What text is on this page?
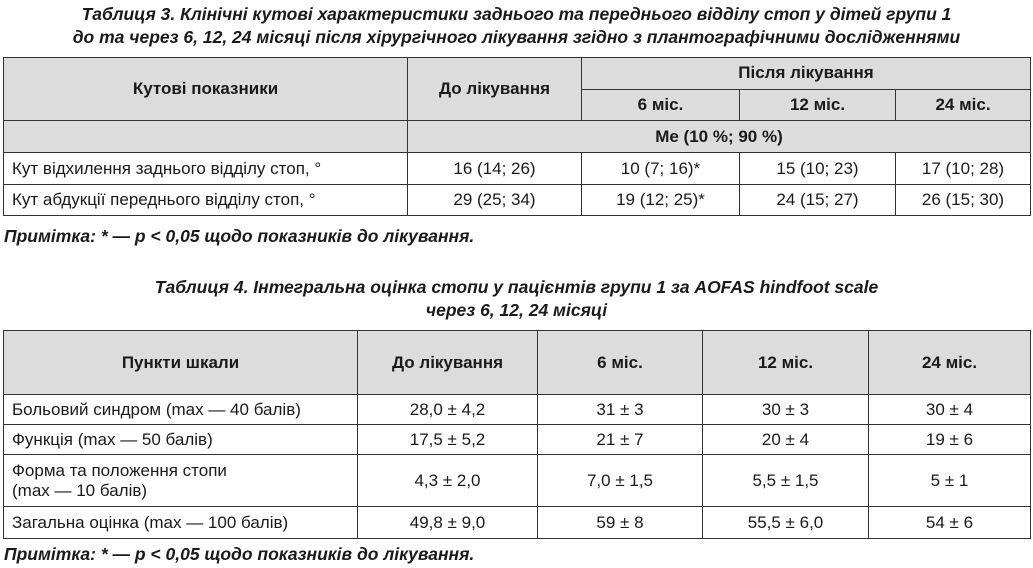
Таблиця 3. Клінічні кутові характеристики заднього та переднього відділу стоп у дітей групи 1
до та через 6, 12, 24 місяці після хірургічного лікування згідно з плантографічними дослідженнями
Кутові показники	До лікування	Після лікування		
		6 міс.	12 міс.	24 міс.
	Me (10 %; 90 %)			
Кут відхилення заднього відділу стоп, °	16 (14; 26)	10 (7; 16)*	15 (10; 23)	17 (10; 28)
Кут абдукції переднього відділу стоп, °	29 (25; 34)	19 (12; 25)*	24 (15; 27)	26 (15; 30)
Примітка: * — p < 0,05 щодо показників до лікування.
Таблиця 4. Інтегральна оцінка стопи у пацієнтів групи 1 за AOFAS hindfoot scale
через 6, 12, 24 місяці
Пункти шкали	До лікування	6 міс.	12 міс.	24 міс.
Больовий синдром (max — 40 балів)	28,0 ± 4,2	31 ± 3	30 ± 3	30 ± 4
Функція (max — 50 балів)	17,5 ± 5,2	21 ± 7	20 ± 4	19 ± 6

Форма та положення стопи
(max — 10 балів)	4,3 ± 2,0	7,0 ± 1,5	5,5 ± 1,5	5 ± 1
Загальна оцінка (max — 100 балів)	49,8 ± 9,0	59 ± 8	55,5 ± 6,0	54 ± 6
Примітка: * — p < 0,05 щодо показників до лікування.
